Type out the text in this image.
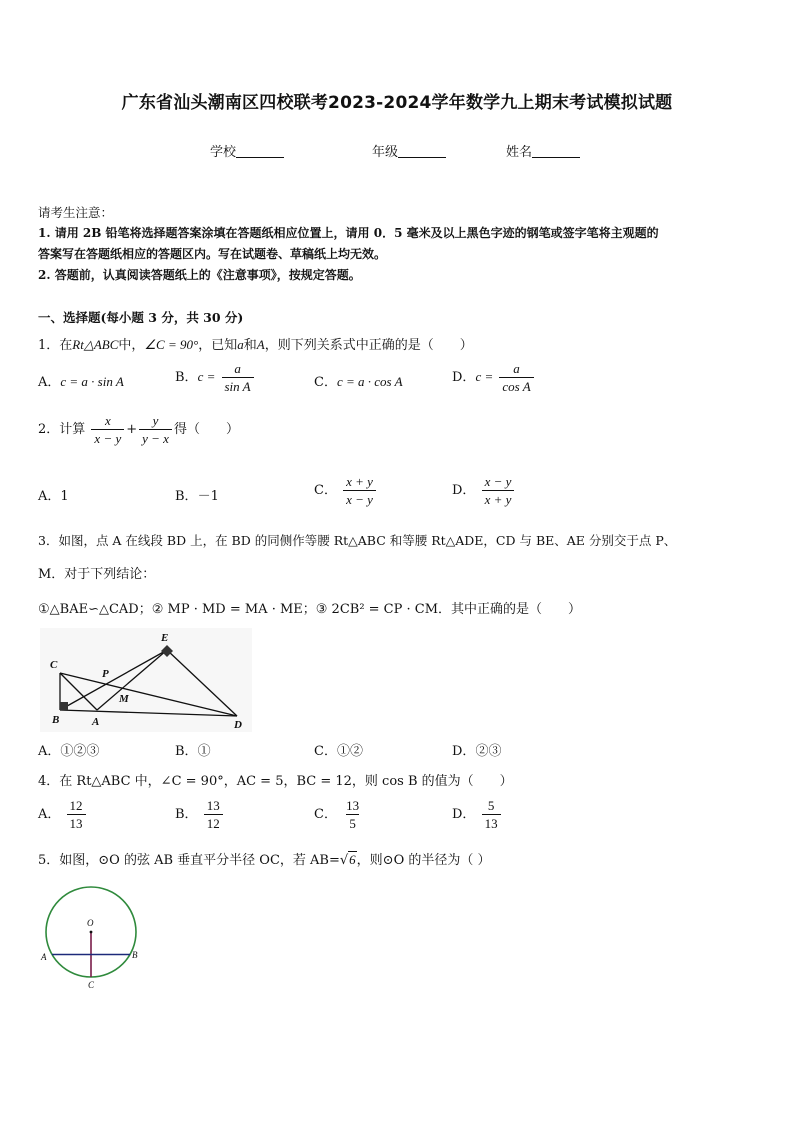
广东省汕头潮南区四校联考2023-2024学年数学九上期末考试模拟试题
学校	年级	姓名
请考生注意：
1. 请用 2B 铅笔将选择题答案涂填在答题纸相应位置上，请用 0．5 毫米及以上黑色字迹的钢笔或签字笔将主观题的
答案写在答题纸相应的答题区内。写在试题卷、草稿纸上均无效。
2. 答题前，认真阅读答题纸上的《注意事项》，按规定答题。
一、选择题(每小题 3 分，共 30 分)
1．在Rt△ABC中，∠C = 90°，已知a和A，则下列关系式中正确的是（　　）
A．c = a · sin A	B．$c = \frac{a}{\text{sin A}}$	C．c = a · cos A	D．$c = \frac{a}{\text{cos A}}$
2．计算 $\frac{x}{x - y} + \frac{y}{y - x}$ 得（　　）
A．1	B．－1	C． $\frac{x + y}{x - y}$	D． $\frac{x - y}{x + y}$
3．如图，点 A 在线段 BD 上，在 BD 的同侧作等腰 Rt△ABC 和等腰 Rt△ADE，CD 与 BE、AE 分别交于点 P、
M．对于下列结论：
①△BAE∽△CAD；② MP · MD = MA · ME；③ 2CB² = CP · CM．其中正确的是（　　）
C
B	A
P
M
E
D
A．①②③	B．①	C．①②	D．②③
4．在 Rt△ABC 中，∠C = 90°，AC = 5，BC = 12，则 cos B 的值为（　　）
A． $\frac{12}{13}$	B． $\frac{13}{12}$	C． $\frac{13}{5}$	D． $\frac{5}{13}$
5．如图，⊙O 的弦 AB 垂直平分半径 OC，若 AB=√6，则⊙O 的半径为（ ）
O
A	B
C
